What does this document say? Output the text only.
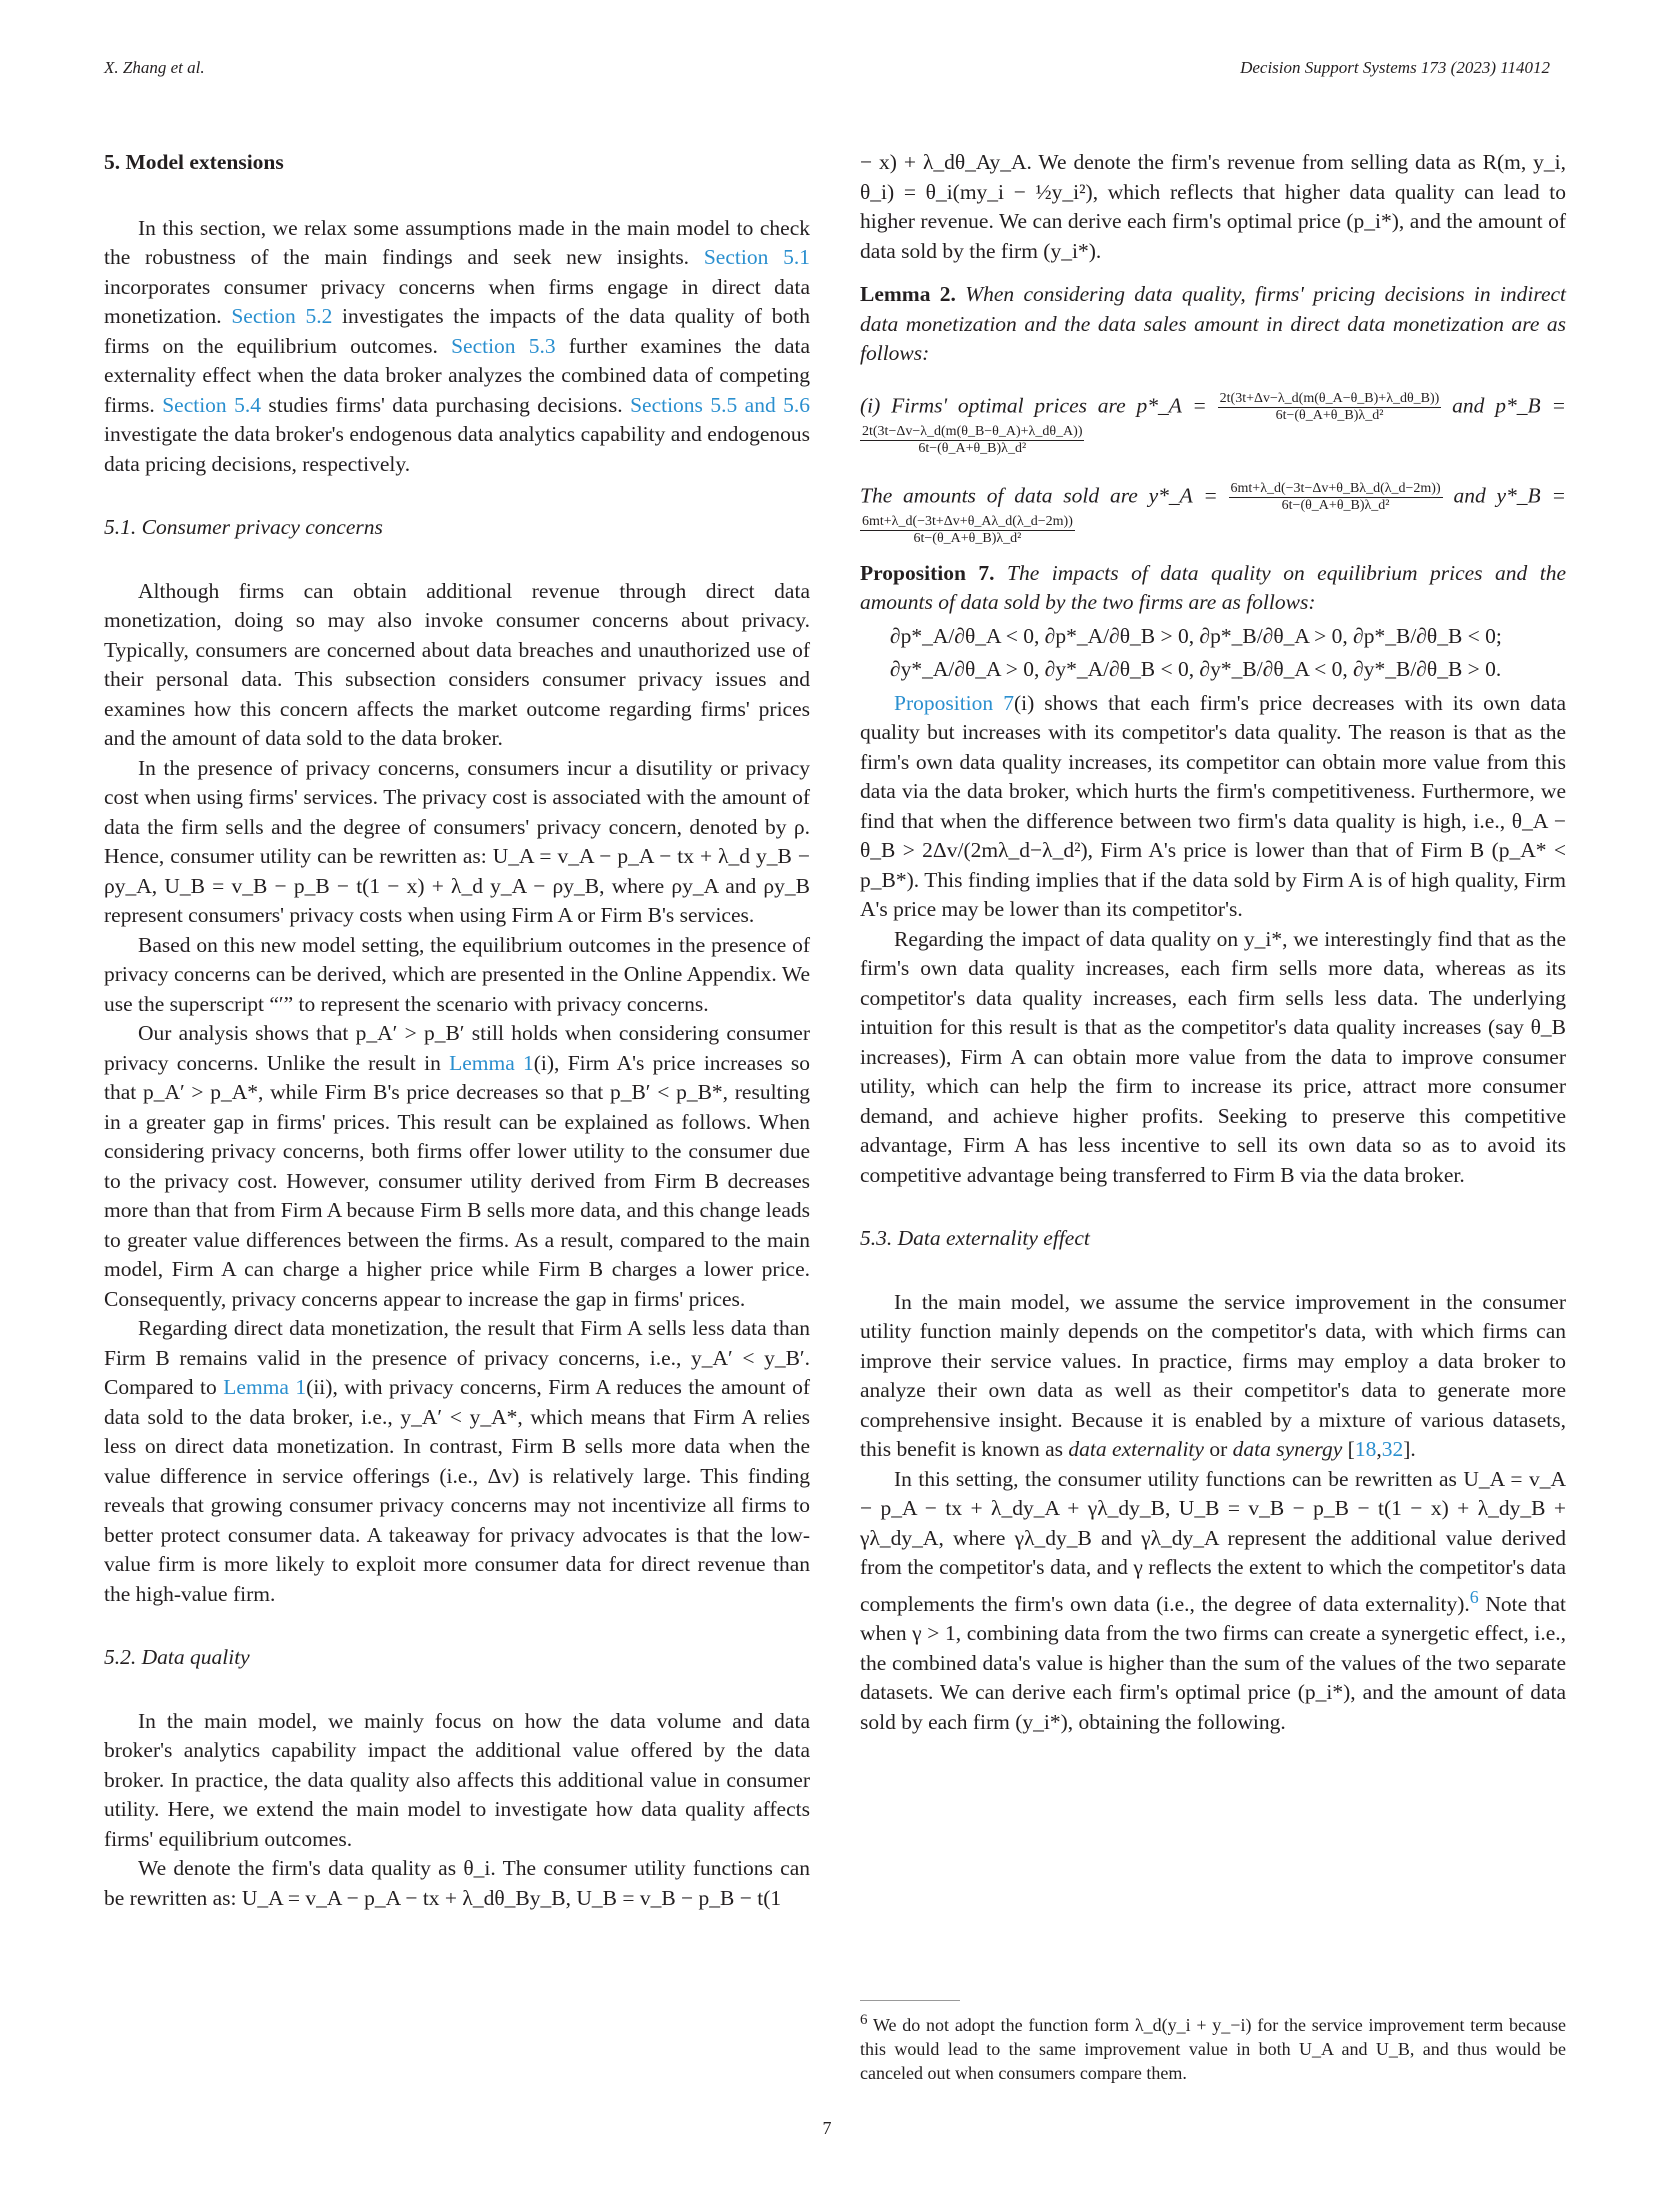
X. Zhang et al.	Decision Support Systems 173 (2023) 114012
5. Model extensions

In this section, we relax some assumptions made in the main model to check the robustness of the main findings and seek new insights. Section 5.1 incorporates consumer privacy concerns when firms engage in direct data monetization. Section 5.2 investigates the impacts of the data quality of both firms on the equilibrium outcomes. Section 5.3 further examines the data externality effect when the data broker analyzes the combined data of competing firms. Section 5.4 studies firms' data purchasing decisions. Sections 5.5 and 5.6 investigate the data broker's endogenous data analytics capability and endogenous data pricing decisions, respectively.

5.1. Consumer privacy concerns

Although firms can obtain additional revenue through direct data monetization, doing so may also invoke consumer concerns about privacy. Typically, consumers are concerned about data breaches and unauthorized use of their personal data. This subsection considers consumer privacy issues and examines how this concern affects the market outcome regarding firms' prices and the amount of data sold to the data broker.

In the presence of privacy concerns, consumers incur a disutility or privacy cost when using firms' services. The privacy cost is associated with the amount of data the firm sells and the degree of consumers' privacy concern, denoted by ρ. Hence, consumer utility can be rewritten as: U_A = v_A − p_A − tx + λ_d y_B − ρy_A, U_B = v_B − p_B − t(1 − x) + λ_d y_A − ρy_B, where ρy_A and ρy_B represent consumers' privacy costs when using Firm A or Firm B's services.

Based on this new model setting, the equilibrium outcomes in the presence of privacy concerns can be derived, which are presented in the Online Appendix. We use the superscript “′” to represent the scenario with privacy concerns.

Our analysis shows that p_A′ > p_B′ still holds when considering consumer privacy concerns. Unlike the result in Lemma 1(i), Firm A's price increases so that p_A′ > p_A*, while Firm B's price decreases so that p_B′ < p_B*, resulting in a greater gap in firms' prices. This result can be explained as follows. When considering privacy concerns, both firms offer lower utility to the consumer due to the privacy cost. However, consumer utility derived from Firm B decreases more than that from Firm A because Firm B sells more data, and this change leads to greater value differences between the firms. As a result, compared to the main model, Firm A can charge a higher price while Firm B charges a lower price. Consequently, privacy concerns appear to increase the gap in firms' prices.

Regarding direct data monetization, the result that Firm A sells less data than Firm B remains valid in the presence of privacy concerns, i.e., y_A′ < y_B′. Compared to Lemma 1(ii), with privacy concerns, Firm A reduces the amount of data sold to the data broker, i.e., y_A′ < y_A*, which means that Firm A relies less on direct data monetization. In contrast, Firm B sells more data when the value difference in service offerings (i.e., Δv) is relatively large. This finding reveals that growing consumer privacy concerns may not incentivize all firms to better protect consumer data. A takeaway for privacy advocates is that the low-value firm is more likely to exploit more consumer data for direct revenue than the high-value firm.

5.2. Data quality

In the main model, we mainly focus on how the data volume and data broker's analytics capability impact the additional value offered by the data broker. In practice, the data quality also affects this additional value in consumer utility. Here, we extend the main model to investigate how data quality affects firms' equilibrium outcomes.

We denote the firm's data quality as θ_i. The consumer utility functions can be rewritten as: U_A = v_A − p_A − tx + λ_dθ_By_B, U_B = v_B − p_B − t(1

− x) + λ_dθ_Ay_A. We denote the firm's revenue from selling data as R(m, y_i, θ_i) = θ_i(my_i − ½y_i²), which reflects that higher data quality can lead to higher revenue. We can derive each firm's optimal price (p_i*), and the amount of data sold by the firm (y_i*).

Lemma 2. When considering data quality, firms' pricing decisions in indirect data monetization and the data sales amount in direct data monetization are as follows:

(i) Firms' optimal prices are p*_A = $\frac{2t(3t+\Delta v-\lambda\_d(m(\theta\_A-\theta\_B)+\lambda\_d\theta\_B))}{\text{6t−(θ\_A+θ\_B)λ\_d²}}$ and p*_B =
$\frac{2t(3t-\Delta v-\lambda\_d(m(\theta\_B-\theta\_A)+\lambda\_d\theta\_A))}{\text{6t−(θ\_A+θ\_B)λ\_d²}}$

The amounts of data sold are y*_A = $\frac{6mt+\lambda\_d(-3t-\Delta v+\theta\_B\lambda\_d(\lambda\_d-2m))}{\text{6t−(θ\_A+θ\_B)λ\_d²}}$ and y*_B =
$\frac{6mt+\lambda\_d(-3t+\Delta v+\theta\_A\lambda\_d(\lambda\_d-2m))}{\text{6t−(θ\_A+θ\_B)λ\_d²}}$

Proposition 7. The impacts of data quality on equilibrium prices and the amounts of data sold by the two firms are as follows:

∂p*_A/∂θ_A < 0, ∂p*_A/∂θ_B > 0, ∂p*_B/∂θ_A > 0, ∂p*_B/∂θ_B < 0;

∂y*_A/∂θ_A > 0, ∂y*_A/∂θ_B < 0, ∂y*_B/∂θ_A < 0, ∂y*_B/∂θ_B > 0.

Proposition 7(i) shows that each firm's price decreases with its own data quality but increases with its competitor's data quality. The reason is that as the firm's own data quality increases, its competitor can obtain more value from this data via the data broker, which hurts the firm's competitiveness. Furthermore, we find that when the difference between two firm's data quality is high, i.e., θ_A − θ_B > 2Δv/(2mλ_d−λ_d²), Firm A's price is lower than that of Firm B (p_A* < p_B*). This finding implies that if the data sold by Firm A is of high quality, Firm A's price may be lower than its competitor's.

Regarding the impact of data quality on y_i*, we interestingly find that as the firm's own data quality increases, each firm sells more data, whereas as its competitor's data quality increases, each firm sells less data. The underlying intuition for this result is that as the competitor's data quality increases (say θ_B increases), Firm A can obtain more value from the data to improve consumer utility, which can help the firm to increase its price, attract more consumer demand, and achieve higher profits. Seeking to preserve this competitive advantage, Firm A has less incentive to sell its own data so as to avoid its competitive advantage being transferred to Firm B via the data broker.

5.3. Data externality effect

In the main model, we assume the service improvement in the consumer utility function mainly depends on the competitor's data, with which firms can improve their service values. In practice, firms may employ a data broker to analyze their own data as well as their competitor's data to generate more comprehensive insight. Because it is enabled by a mixture of various datasets, this benefit is known as data externality or data synergy [18,32].

In this setting, the consumer utility functions can be rewritten as U_A = v_A − p_A − tx + λ_dy_A + γλ_dy_B, U_B = v_B − p_B − t(1 − x) + λ_dy_B + γλ_dy_A, where γλ_dy_B and γλ_dy_A represent the additional value derived from the competitor's data, and γ reflects the extent to which the competitor's data complements the firm's own data (i.e., the degree of data externality).$^6$ Note that when γ > 1, combining data from the two firms can create a synergetic effect, i.e., the combined data's value is higher than the sum of the values of the two separate datasets. We can derive each firm's optimal price (p_i*), and the amount of data sold by each firm (y_i*), obtaining the following.

$^6$ We do not adopt the function form λ_d(y_i + y_−i) for the service improvement term because this would lead to the same improvement value in both U_A and U_B, and thus would be canceled out when consumers compare them.
7
